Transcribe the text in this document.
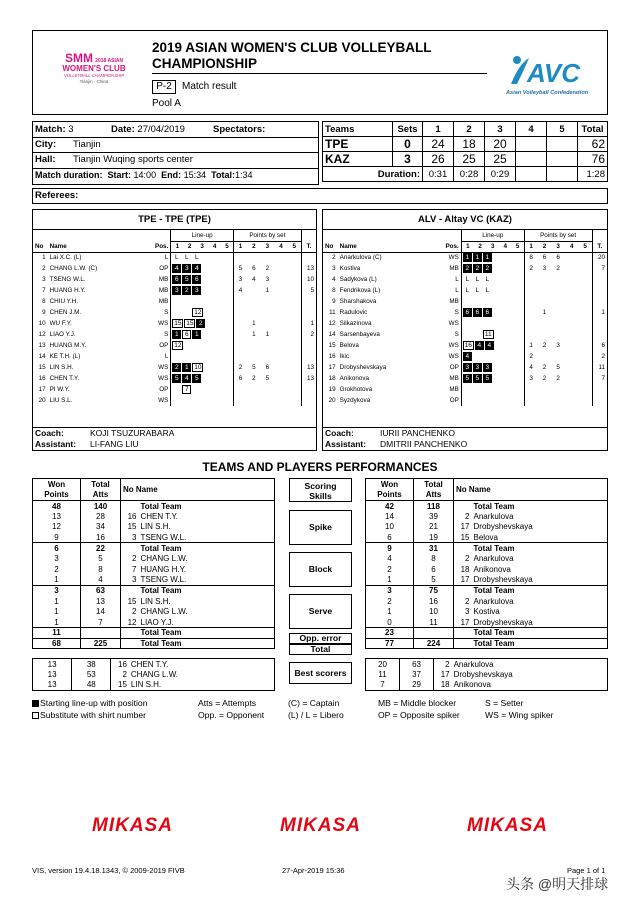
SMM 2018 ASIAN
WOMEN'S CLUB
VOLLEYBALL CHAMPIONSHIP
Tianjin · China
2019 ASIAN WOMEN'S CLUB VOLLEYBALL
CHAMPIONSHIP
P-2	Match result
Pool A
AVC
Asian Volleyball Confederation
Match: 3	Date: 27/04/2019	Spectators:
City: Tianjin
Hall: Tianjin Wuqing sports center
Match duration: Start: 14:00 End: 15:34 Total:1:34
Teams	Sets	1	2	3	4	5	Total
TPE	0	24	18	20			62
KAZ	3	26	25	25			76
Duration:		0:31	0:28	0:29			1:28
Referees:
TPE - TPE (TPE)
			Line-up					Points by set					
No	Name	Pos.	1	2	3	4	5	1	2	3	4	5	T.
1	Lai X.C. (L)	L	L L L										
2	CHANG L.W. (C)	OP	4 3 4					5	6	2			13
3	TSENG W.L.	MB	6 5 6					3	4	3			10
7	HUANG H.Y.	MB	3 2 3					4		1			5
8	CHIU Y.H.	MB											
9	CHEN J.M.	S	12										
10	WU F.Y.	WS	15 15 2						1				1
12	LIAO Y.J.	S	1 6 1						1	1			2
13	HUANG M.Y.	OP	12										
14	KE T.H. (L)	L											
15	LIN S.H.	WS	2 1 10					2	5	6			13
16	CHEN T.Y.	WS	5 4 5					6	2	5			13
17	PI W.Y.	OP	7										
20	LIU S.L.	WS											
Coach:	KOJI TSUZURABARA
Assistant: LI-FANG LIU
ALV - Altay VC (KAZ)
			Line-up					Points by set					
No	Name	Pos.	1	2	3	4	5	1	2	3	4	5	T.
2	Anarkulova (C)	WS	1 1 1					8	6	6			20
3	Kostiva	MB	2 2 2					2	3	2			7
4	Sadykova (L)	L	L L L										
8	Fendrikova (L)	L	L L L										
9	Sharshakova	MB											
11	Radulovic	S	6 6 6						1				1
12	Silkazinova	WS											
14	Sarsenbayeva	S	11										
15	Belova	WS	16 4 4					1	2	3			6
16	Ikic	WS	4					2					2
17	Drobyshevskaya	OP	3 3 3					4	2	5			11
18	Anikonova	MB	5 5 5					3	2	2			7
19	Grokhotova	MB											
20	Syzdykova	OP											
Coach:	IURII PANCHENKO
Assistant: DMITRII PANCHENKO
TEAMS AND PLAYERS PERFORMANCES
Won
Points	Total
Atts	No Name	
48	140		Total Team
13	28	16	CHEN T.Y.
12	34	15	LIN S.H.
9	16	3	TSENG W.L.
6	22		Total Team
3	5	2	CHANG L.W.
2	8	7	HUANG H.Y.
1	4	3	TSENG W.L.
3	63		Total Team
1	13	15	LIN S.H.
1	14	2	CHANG L.W.
1	7	12	LIAO Y.J.
11			Total Team
68	225		Total Team
Won
Points	Total
Atts	No Name	
42	118		Total Team
14	39	2	Anarkulova
10	21	17	Drobyshevskaya
6	19	15	Belova
9	31		Total Team
4	8	2	Anarkulova
2	6	18	Anikonova
1	5	17	Drobyshevskaya
3	75		Total Team
2	16	2	Anarkulova
1	10	3	Kostiva
0	11	17	Drobyshevskaya
23			Total Team
77	224		Total Team
13	38	16	CHEN T.Y.
13	53	2	CHANG L.W.
13	48	15	LIN S.H.
20	63	2	Anarkulova
11	37	17	Drobyshevskaya
7	29	18	Anikonova
Scoring
Skills
Spike
Block
Serve
Opp. error
Total
Best scorers
Starting line-up with position	Atts = Attempts	(C) = Captain	MB = Middle blocker	S = Setter
Substitute with shirt number	Opp. = Opponent	(L) / L = Libero	OP = Opposite spiker	WS = Wing spiker
MIKASA	MIKASA	MIKASA
VIS, version 19.4.18.1343, © 2009-2019 FIVB	27-Apr-2019 15:36	Page 1 of 1
头条 @明天排球
